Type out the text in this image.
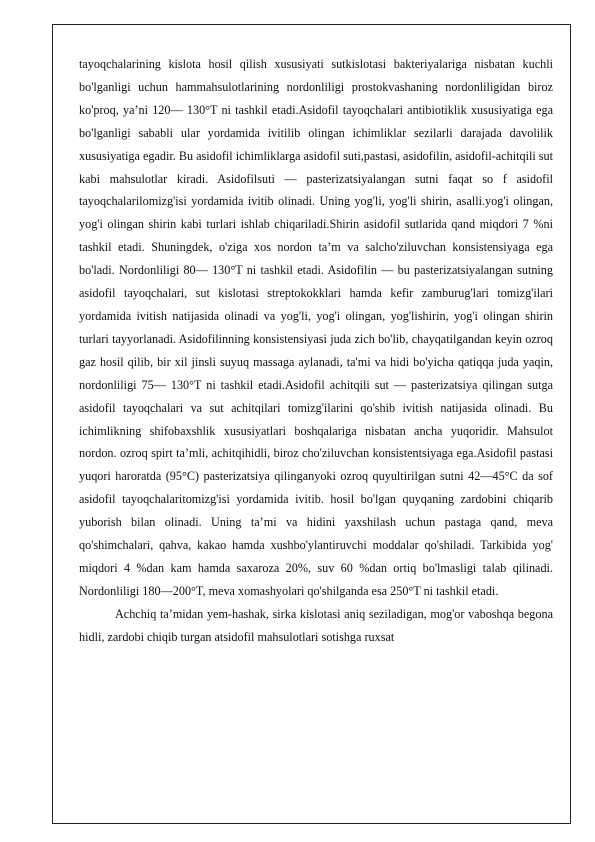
tayoqchalarining kislota hosil qilish xususiyati sutkislotasi bakteriyalariga nisbatan kuchli bo'lganligi uchun hammahsulotlarining nordonliligi prostokvashaning nordonliligidan biroz ko'proq, ya’ni 120— 130°T ni tashkil etadi.Asidofil tayoqchalari antibiotiklik xususiyatiga ega bo'lganligi sababli ular yordamida ivitilib olingan ichimliklar sezilarli darajada davolilik xususiyatiga egadir. Bu asidofil ichimliklarga asidofil suti,pastasi, asidofilin, asidofil-achitqili sut kabi mahsulotlar kiradi. Asidofilsuti — pasterizatsiyalangan sutni faqat so f asidofil tayoqchalarilomizg'isi yordamida ivitib olinadi. Uning yog'li, yog'li shirin, asalli.yog'i olingan, yog'i olingan shirin kabi turlari ishlab chiqariladi.Shirin asidofil sutlarida qand miqdori 7 %ni tashkil etadi. Shuningdek, o'ziga xos nordon ta’m va salcho'ziluvchan konsistensiyaga ega bo'ladi. Nordonliligi 80— 130°T ni tashkil etadi. Asidofilin — bu pasterizatsiyalangan sutning asidofil tayoqchalari, sut kislotasi streptokokklari hamda kefir zamburug'lari tomizg'ilari yordamida ivitish natijasida olinadi va yog'li, yog'i olingan, yog'lishirin, yog'i olingan shirin turlari tayyorlanadi. Asidofilinning konsistensiyasi juda zich bo'lib, chayqatilgandan keyin ozroq gaz hosil qilib, bir xil jinsli suyuq massaga aylanadi, ta'mi va hidi bo'yicha qatiqqa juda yaqin, nordonliligi 75— 130°T ni tashkil etadi.Asidofil achitqili sut — pasterizatsiya qilingan sutga asidofil tayoqchalari va sut achitqilari tomizg'ilarini qo'shib ivitish natijasida olinadi. Bu ichimlikning shifobaxshlik xususiyatlari boshqalariga nisbatan ancha yuqoridir. Mahsulot nordon. ozroq spirt ta’mli, achitqihidli, biroz cho'ziluvchan konsistentsiyaga ega.Asidofil pastasi yuqori haroratda (95°C) pasterizatsiya qilinganyoki ozroq quyultirilgan sutni 42—45°C da sof asidofil tayoqchalaritomizg'isi yordamida ivitib. hosil bo'lgan quyqaning zardobini chiqarib yuborish bilan olinadi. Uning ta’mi va hidini yaxshilash uchun pastaga qand, meva qo'shimchalari, qahva, kakao hamda xushbo'ylantiruvchi moddalar qo'shiladi. Tarkibida yog' miqdori 4 %dan kam hamda saxaroza 20%, suv 60 %dan ortiq bo'lmasligi talab qilinadi. Nordonliligi 180—200°T, meva xomashyolari qo'shilganda esa 250°T ni tashkil etadi.

Achchiq ta’midan yem-hashak, sirka kislotasi aniq seziladigan, mog'or vaboshqa begona hidli, zardobi chiqib turgan atsidofil mahsulotlari sotishga ruxsat
